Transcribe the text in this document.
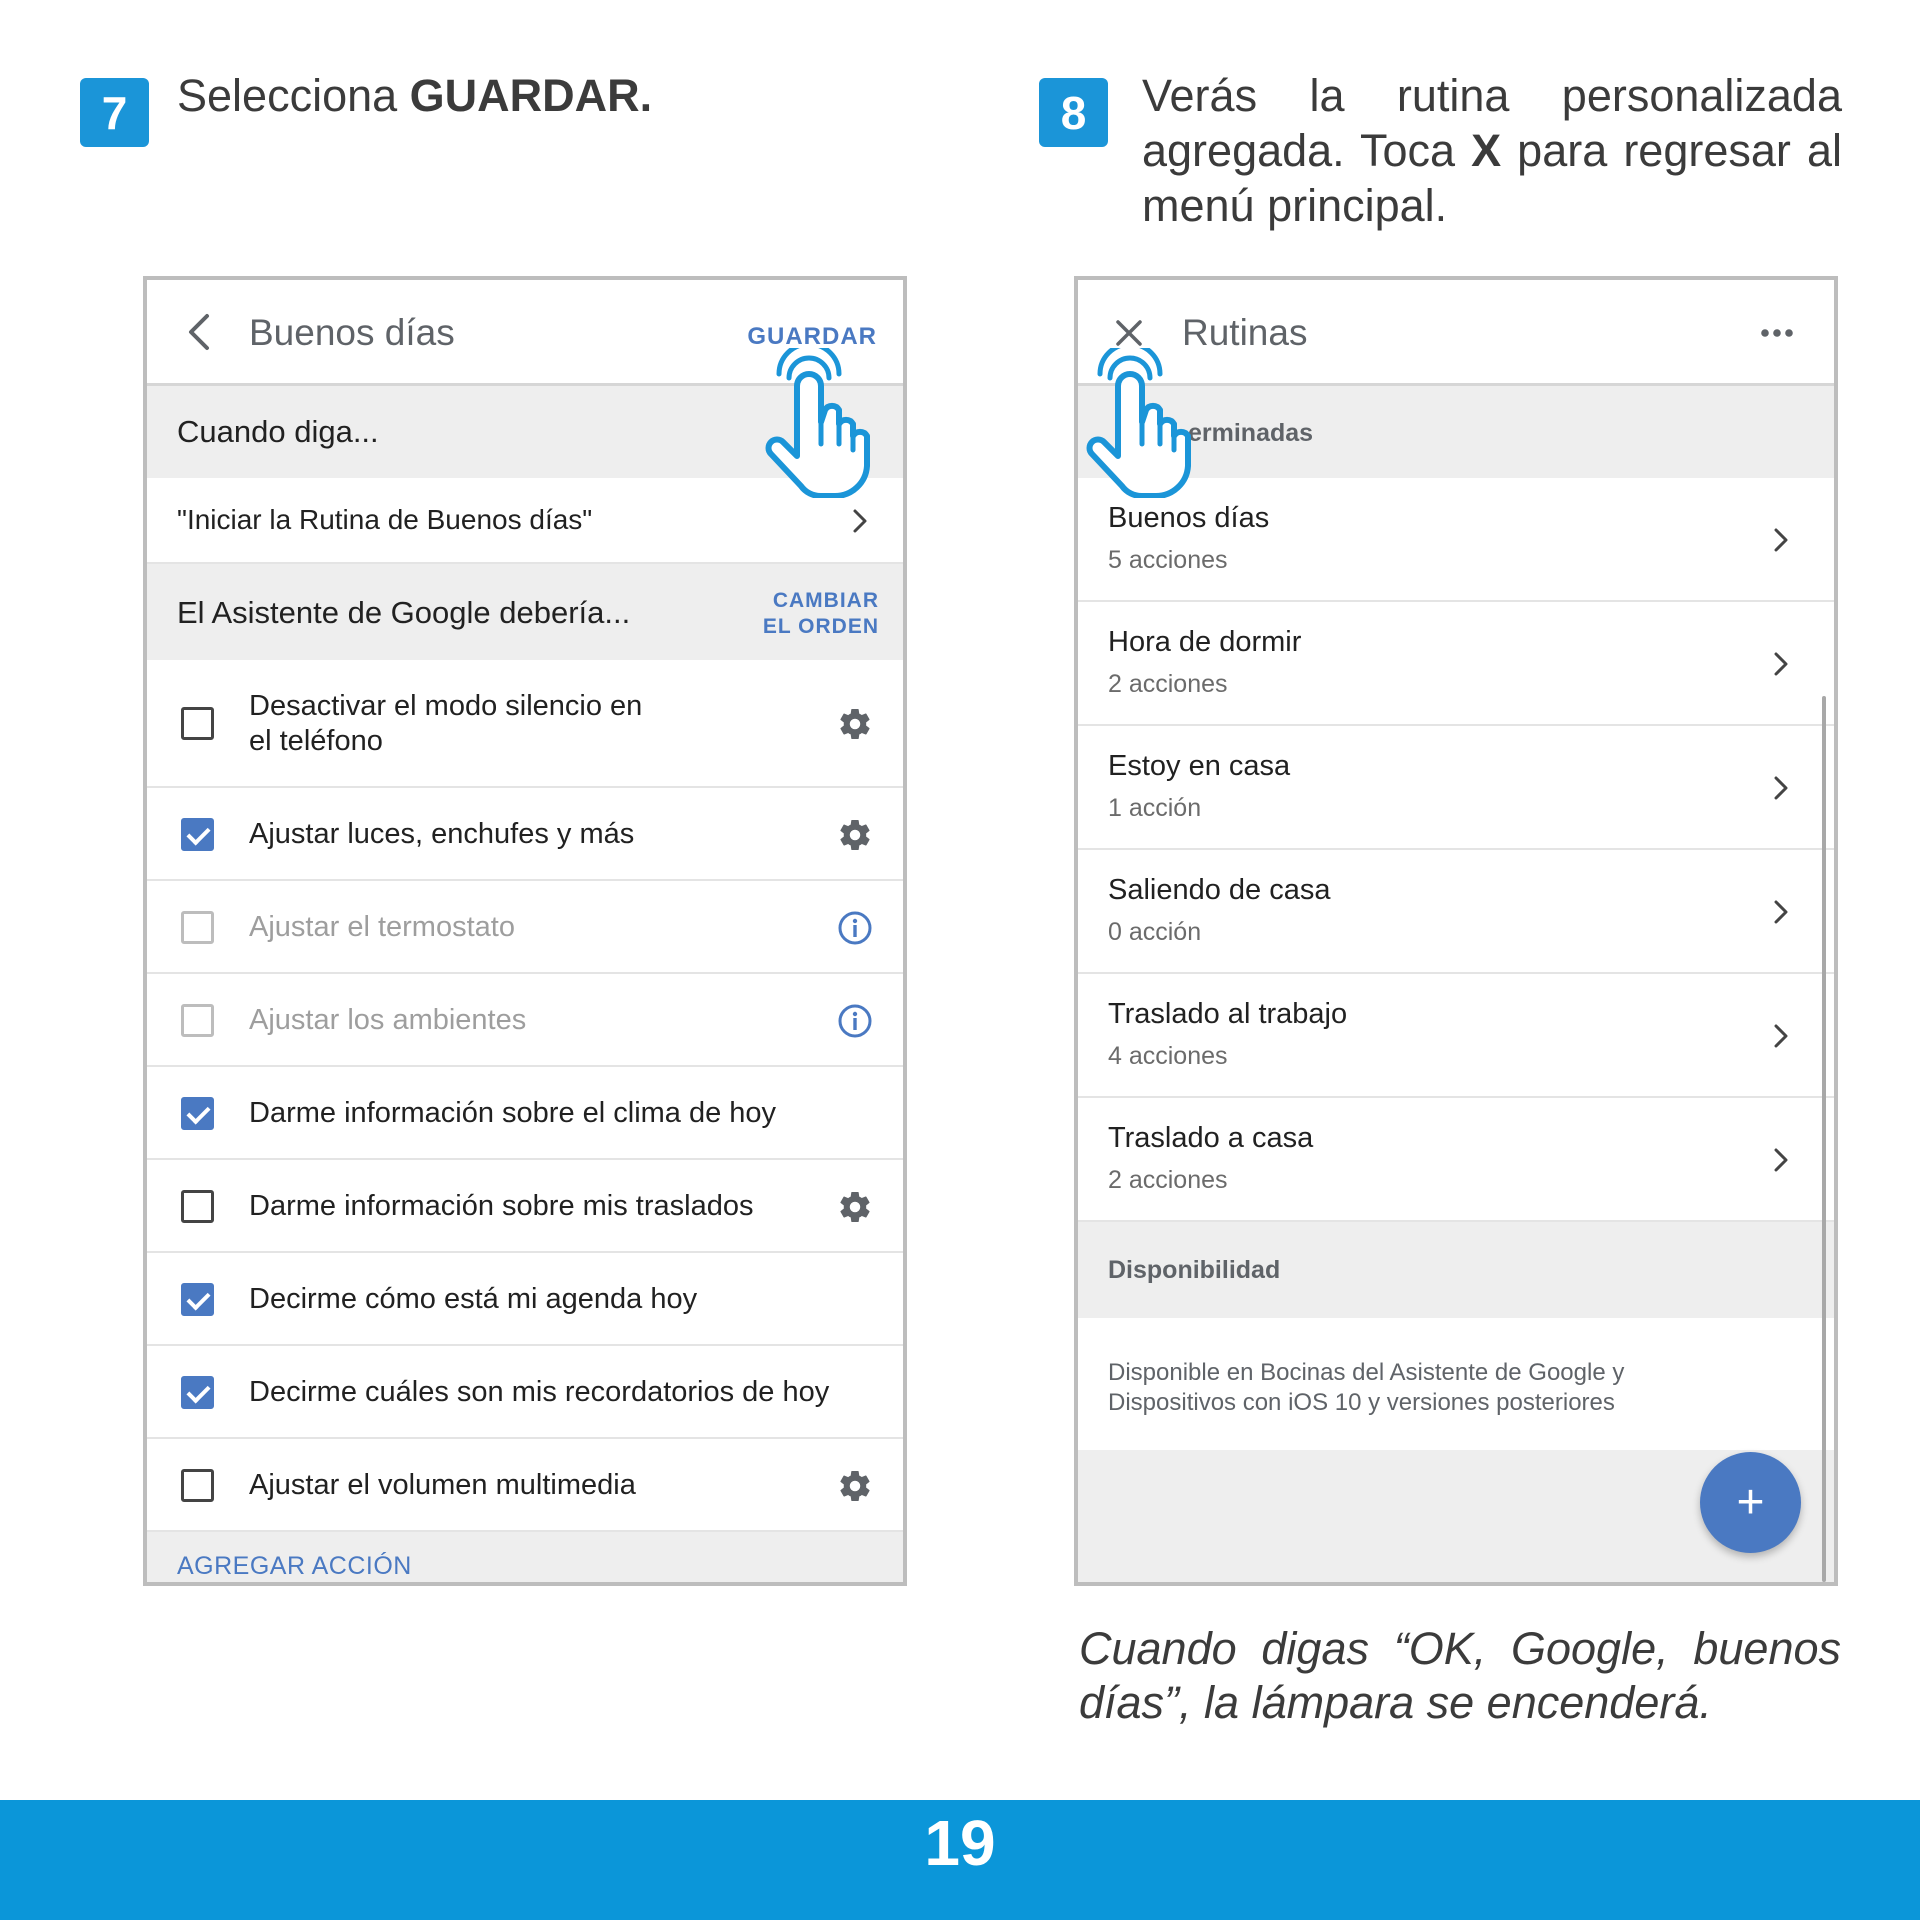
7	Selecciona GUARDAR.	8	Verás la rutina personalizada agregada. Toca X para regresar al menú principal.
Buenos días	GUARDAR
Cuando diga...
"Iniciar la Rutina de Buenos días"
El Asistente de Google debería...	CAMBIAR
EL ORDEN
Desactivar el modo silencio en
el teléfono
Ajustar luces, enchufes y más
Ajustar el termostato
Ajustar los ambientes
Darme información sobre el clima de hoy
Darme información sobre mis traslados
Decirme cómo está mi agenda hoy
Decirme cuáles son mis recordatorios de hoy
Ajustar el volumen multimedia
AGREGAR ACCIÓN
Rutinas
erminadas
Buenos días
5 acciones
Hora de dormir
2 acciones
Estoy en casa
1 acción
Saliendo de casa
0 acción
Traslado al trabajo
4 acciones
Traslado a casa
2 acciones
Disponibilidad
Disponible en Bocinas del Asistente de Google y
Dispositivos con iOS 10 y versiones posteriores
+
Cuando digas “OK, Google, buenos días”, la lámpara se encenderá.
19
